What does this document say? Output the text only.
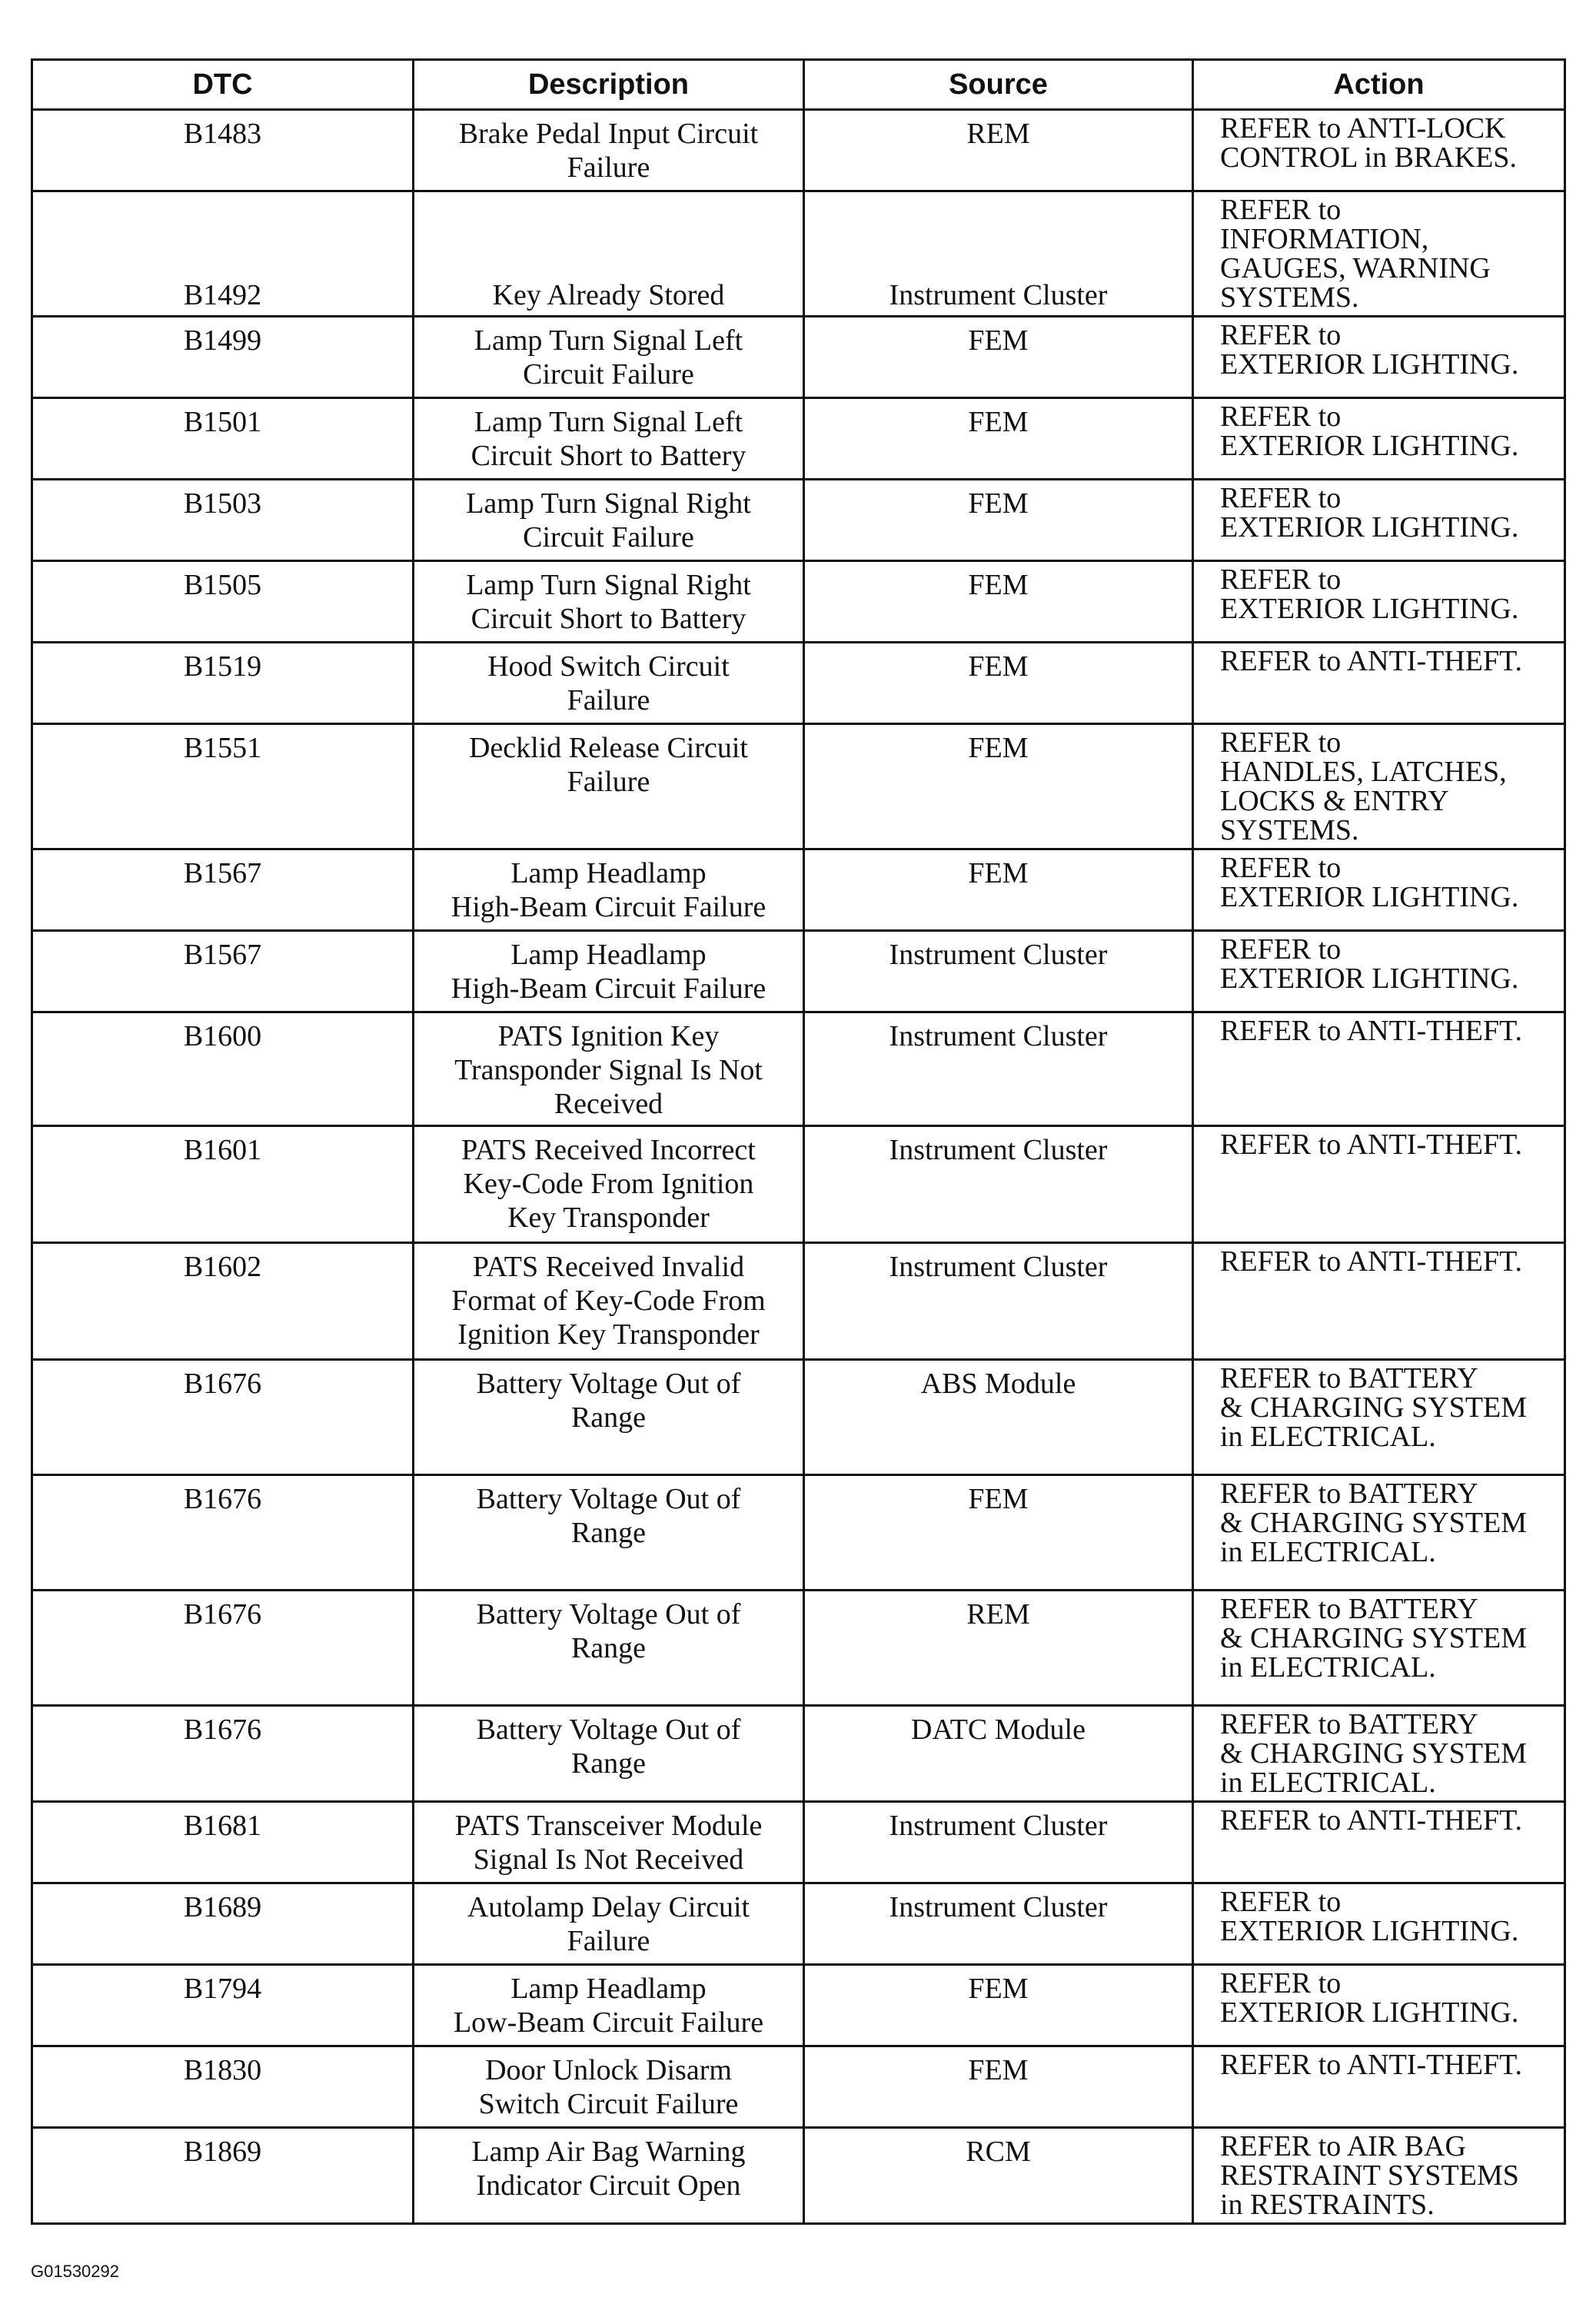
DTC	Description	Source	Action
B1483	Brake Pedal Input Circuit
Failure	REM	REFER to ANTI-LOCK
CONTROL in BRAKES.

B1492	Key Already Stored	Instrument Cluster	REFER to
INFORMATION,
GAUGES, WARNING
SYSTEMS.

B1499	Lamp Turn Signal Left
Circuit Failure	FEM	REFER to
EXTERIOR LIGHTING.

B1501	Lamp Turn Signal Left
Circuit Short to Battery	FEM	REFER to
EXTERIOR LIGHTING.

B1503	Lamp Turn Signal Right
Circuit Failure	FEM	REFER to
EXTERIOR LIGHTING.

B1505	Lamp Turn Signal Right
Circuit Short to Battery	FEM	REFER to
EXTERIOR LIGHTING.

B1519	Hood Switch Circuit
Failure	FEM	REFER to ANTI-THEFT.

B1551	Decklid Release Circuit
Failure	FEM	REFER to
HANDLES, LATCHES,
LOCKS & ENTRY
SYSTEMS.

B1567	Lamp Headlamp
High-Beam Circuit Failure	FEM	REFER to
EXTERIOR LIGHTING.

B1567	Lamp Headlamp
High-Beam Circuit Failure	Instrument Cluster	REFER to
EXTERIOR LIGHTING.

B1600	PATS Ignition Key
Transponder Signal Is Not
Received	Instrument Cluster	REFER to ANTI-THEFT.

B1601	PATS Received Incorrect
Key-Code From Ignition
Key Transponder	Instrument Cluster	REFER to ANTI-THEFT.

B1602	PATS Received Invalid
Format of Key-Code From
Ignition Key Transponder	Instrument Cluster	REFER to ANTI-THEFT.

B1676	Battery Voltage Out of
Range	ABS Module	REFER to BATTERY
& CHARGING SYSTEM
in ELECTRICAL.

B1676	Battery Voltage Out of
Range	FEM	REFER to BATTERY
& CHARGING SYSTEM
in ELECTRICAL.

B1676	Battery Voltage Out of
Range	REM	REFER to BATTERY
& CHARGING SYSTEM
in ELECTRICAL.

B1676	Battery Voltage Out of
Range	DATC Module	REFER to BATTERY
& CHARGING SYSTEM
in ELECTRICAL.

B1681	PATS Transceiver Module
Signal Is Not Received	Instrument Cluster	REFER to ANTI-THEFT.

B1689	Autolamp Delay Circuit
Failure	Instrument Cluster	REFER to
EXTERIOR LIGHTING.

B1794	Lamp Headlamp
Low-Beam Circuit Failure	FEM	REFER to
EXTERIOR LIGHTING.

B1830	Door Unlock Disarm
Switch Circuit Failure	FEM	REFER to ANTI-THEFT.

B1869	Lamp Air Bag Warning
Indicator Circuit Open	RCM	REFER to AIR BAG
RESTRAINT SYSTEMS
in RESTRAINTS.
G01530292
